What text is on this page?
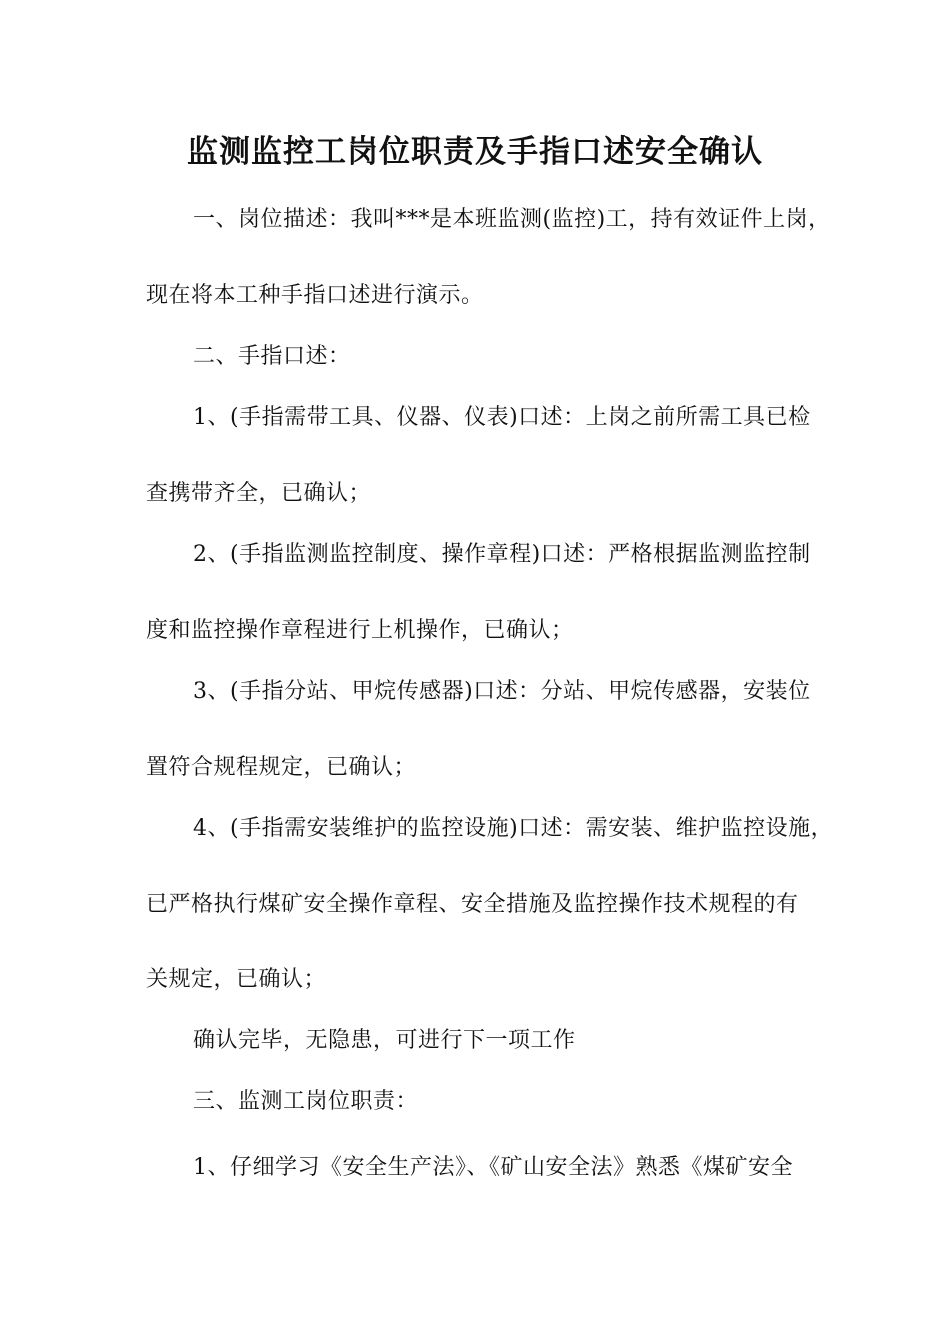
监测监控工岗位职责及手指口述安全确认
一、岗位描述：我叫***是本班监测(监控)工，持有效证件上岗，
现在将本工种手指口述进行演示。
二、手指口述：
1、(手指需带工具、仪器、仪表)口述：上岗之前所需工具已检
查携带齐全，已确认；
2、(手指监测监控制度、操作章程)口述：严格根据监测监控制
度和监控操作章程进行上机操作，已确认；
3、(手指分站、甲烷传感器)口述：分站、甲烷传感器，安装位
置符合规程规定，已确认；
4、(手指需安装维护的监控设施)口述：需安装、维护监控设施，
已严格执行煤矿安全操作章程、安全措施及监控操作技术规程的有
关规定，已确认；
确认完毕，无隐患，可进行下一项工作
三、监测工岗位职责：
1、仔细学习《安全生产法》、《矿山安全法》熟悉《煤矿安全
